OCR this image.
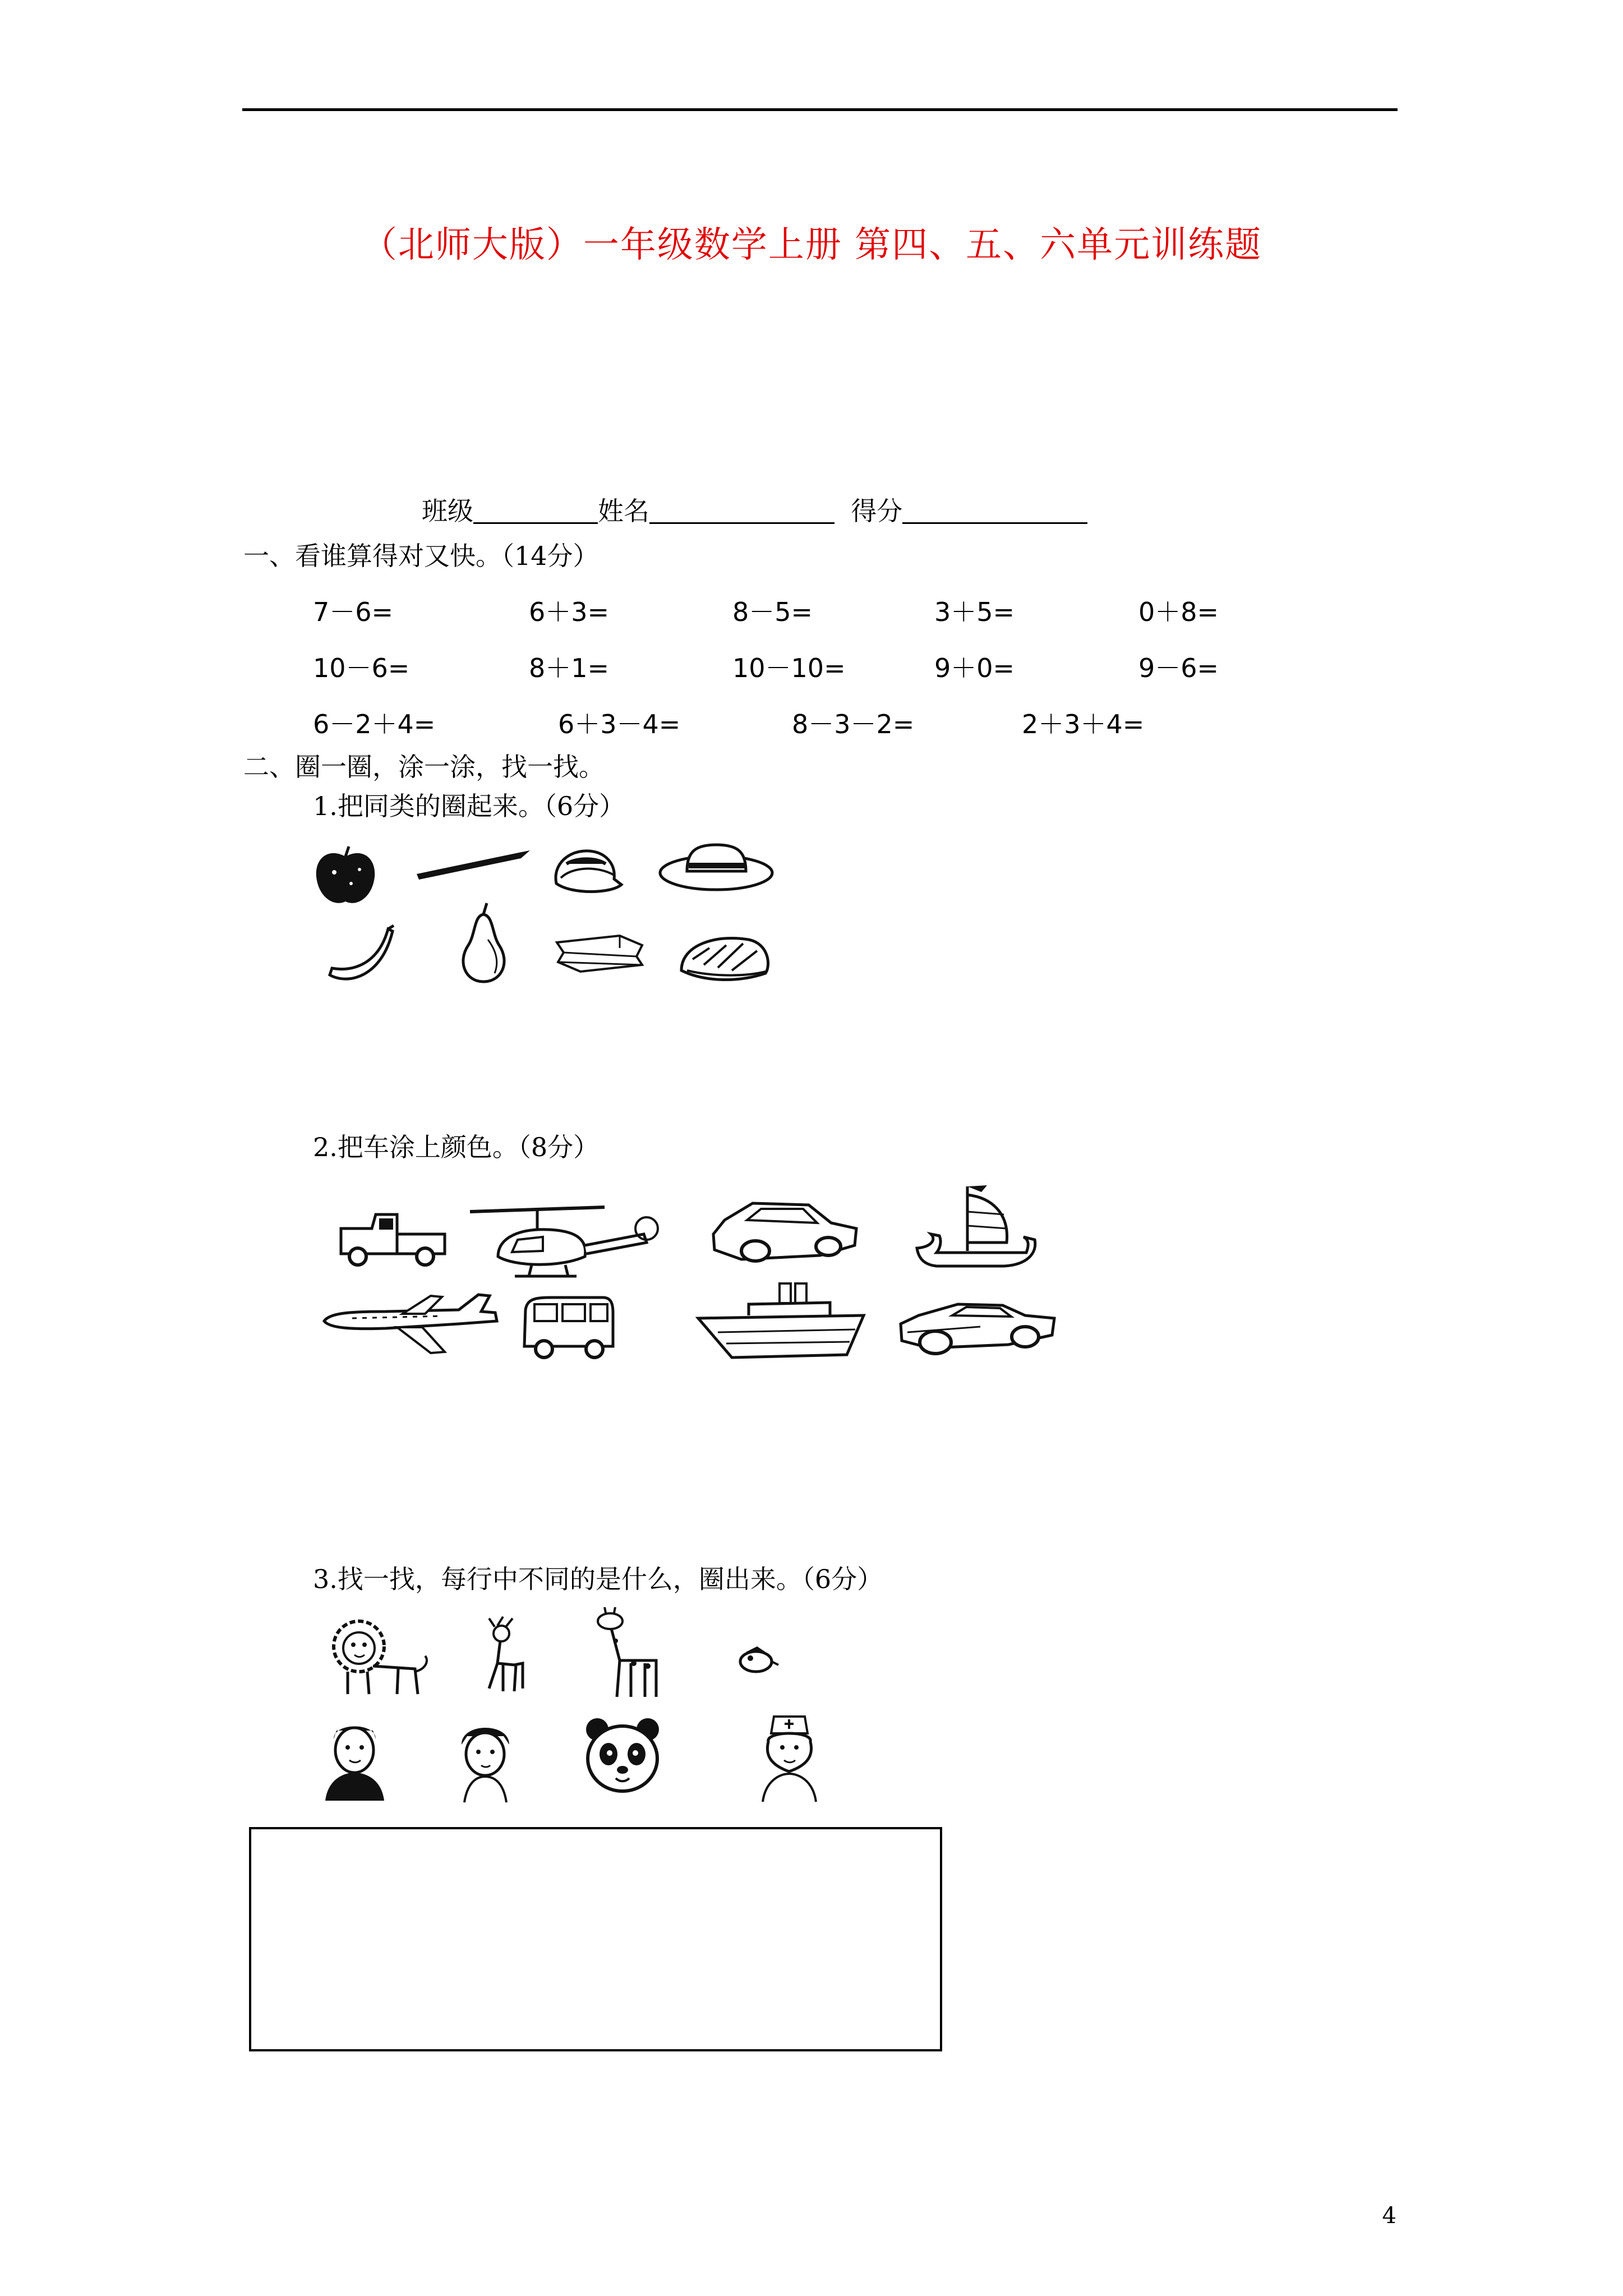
（北师大版）一年级数学上册 第四、五、六单元训练题
班级	姓名	得分
一、看谁算得对又快。（14分）
7－6=	6＋3=	8－5=	3＋5=	0＋8=
10－6=	8＋1=	10－10=	9＋0=	9－6=
6－2＋4=	6＋3－4=	8－3－2=	2＋3＋4=
二、圈一圈，涂一涂，找一找。
1.把同类的圈起来。（6分）
2.把车涂上颜色。（8分）
3.找一找，每行中不同的是什么，圈出来。（6分）
4
